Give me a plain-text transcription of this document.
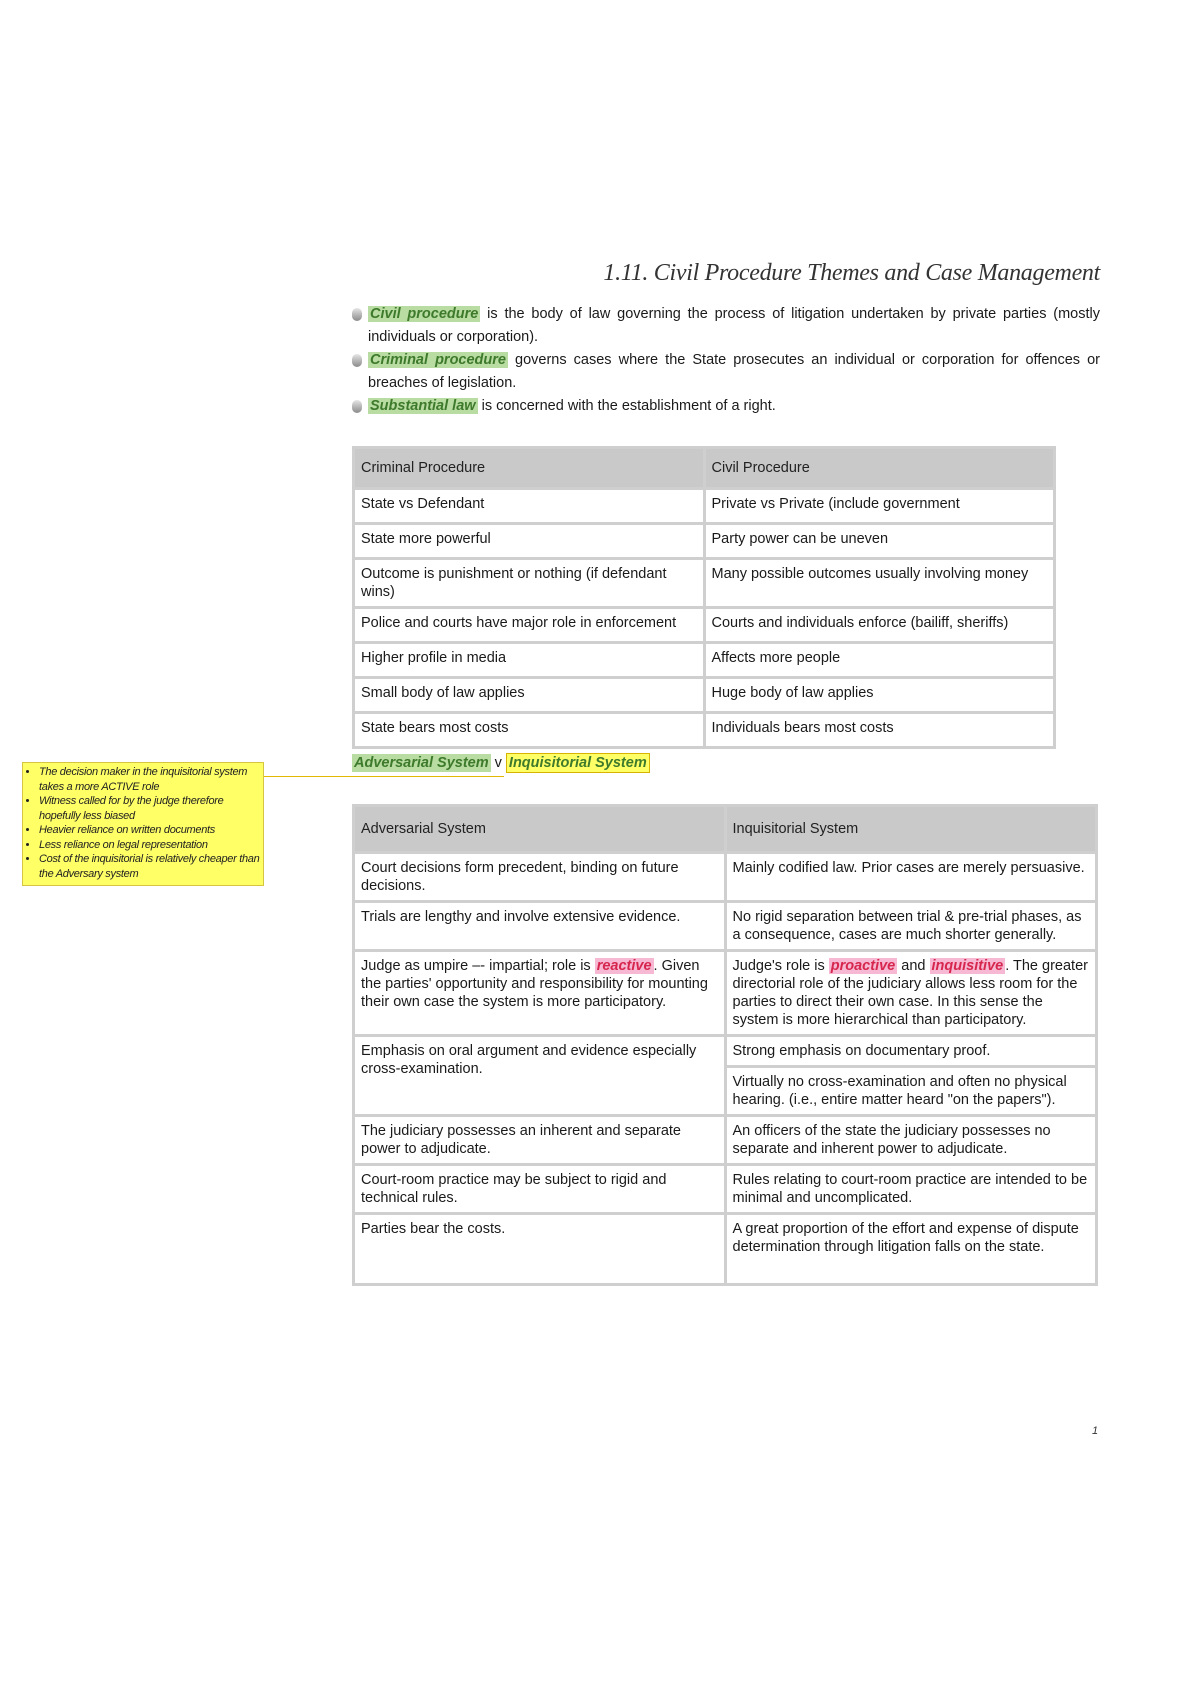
1.11. Civil Procedure Themes and Case Management
Civil procedure is the body of law governing the process of litigation undertaken by private parties (mostly individuals or corporation).
Criminal procedure governs cases where the State prosecutes an individual or corporation for offences or breaches of legislation.
Substantial law is concerned with the establishment of a right.
Criminal Procedure	Civil Procedure
State vs Defendant	Private vs Private (include government
State more powerful	Party power can be uneven
Outcome is punishment or nothing (if defendant wins)	Many possible outcomes usually involving money
Police and courts have major role in enforcement	Courts and individuals enforce (bailiff, sheriffs)
Higher profile in media	Affects more people
Small body of law applies	Huge body of law applies
State bears most costs	Individuals bears most costs
• The decision maker in the inquisitorial system takes a more ACTIVE role
• Witness called for by the judge therefore hopefully less biased
• Heavier reliance on written documents
• Less reliance on legal representation
• Cost of the inquisitorial is relatively cheaper than the Adversary system
Adversarial System v Inquisitorial System
Adversarial System	Inquisitorial System
Court decisions form precedent, binding on future decisions.	Mainly codified law. Prior cases are merely persuasive.
Trials are lengthy and involve extensive evidence.	No rigid separation between trial & pre-trial phases, as a consequence, cases are much shorter generally.
Judge as umpire –- impartial; role is reactive . Given the parties' opportunity and responsibility for mounting their own case the system is more participatory.	Judge's role is proactive and inquisitive . The greater directorial role of the judiciary allows less room for the parties to direct their own case. In this sense the system is more hierarchical than participatory.
Emphasis on oral argument and evidence especially cross-examination.	Strong emphasis on documentary proof.
	Virtually no cross-examination and often no physical hearing. (i.e., entire matter heard "on the papers").
The judiciary possesses an inherent and separate power to adjudicate.	An officers of the state the judiciary possesses no separate and inherent power to adjudicate.
Court-room practice may be subject to rigid and technical rules.	Rules relating to court-room practice are intended to be minimal and uncomplicated.
Parties bear the costs.	A great proportion of the effort and expense of dispute determination through litigation falls on the state.
1
